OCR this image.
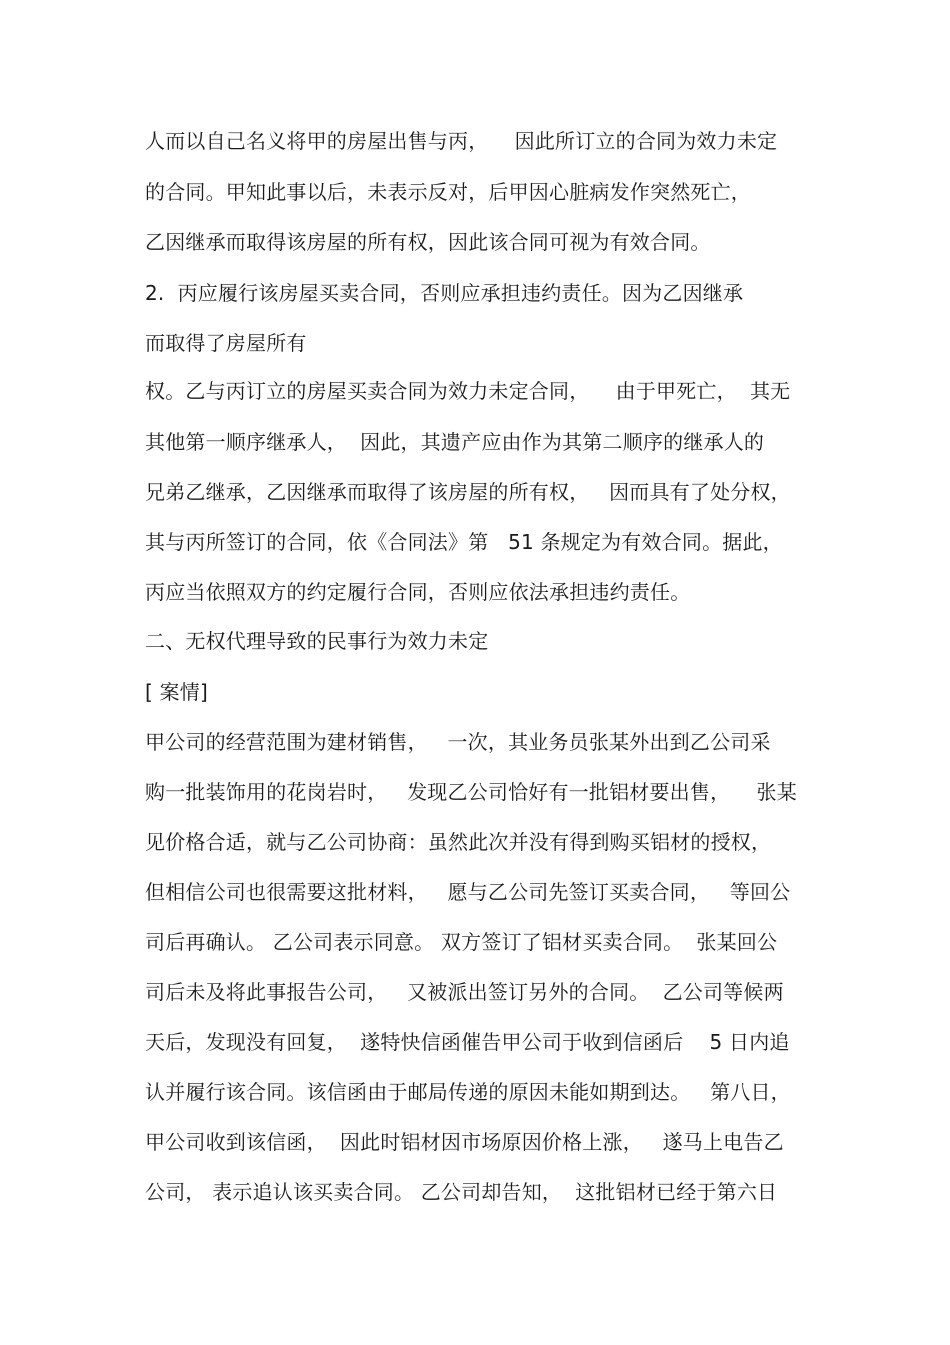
人而以自己名义将甲的房屋出售与丙，    因此所订立的合同为效力未定
的合同。甲知此事以后，未表示反对，后甲因心脏病发作突然死亡，
乙因继承而取得该房屋的所有权，因此该合同可视为有效合同。
2.  丙应履行该房屋买卖合同，否则应承担违约责任。因为乙因继承
而取得了房屋所有
权。乙与丙订立的房屋买卖合同为效力未定合同，    由于甲死亡，  其无
其他第一顺序继承人，  因此，其遗产应由作为其第二顺序的继承人的
兄弟乙继承，乙因继承而取得了该房屋的所有权，   因而具有了处分权，
其与丙所签订的合同，依《合同法》第   51 条规定为有效合同。据此，
丙应当依照双方的约定履行合同，否则应依法承担违约责任。
二、无权代理导致的民事行为效力未定
[ 案情]
甲公司的经营范围为建材销售，   一次，其业务员张某外出到乙公司采
购一批装饰用的花岗岩时，   发现乙公司恰好有一批铝材要出售，    张某
见价格合适，就与乙公司协商：虽然此次并没有得到购买铝材的授权，
但相信公司也很需要这批材料，   愿与乙公司先签订买卖合同，   等回公
司后再确认。 乙公司表示同意。 双方签订了铝材买卖合同。  张某回公
司后未及将此事报告公司，   又被派出签订另外的合同。  乙公司等候两
天后，发现没有回复，  遂特快信函催告甲公司于收到信函后    5 日内追
认并履行该合同。该信函由于邮局传递的原因未能如期到达。   第八日，
甲公司收到该信函，  因此时铝材因市场原因价格上涨，   遂马上电告乙
公司， 表示追认该买卖合同。 乙公司却告知，  这批铝材已经于第六日
